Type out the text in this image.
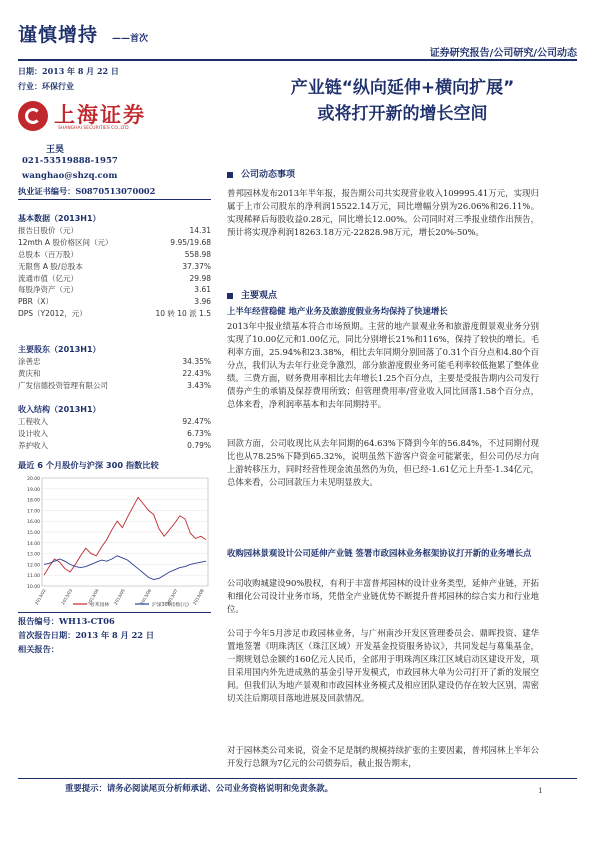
谨慎增持 ——首次
证券研究报告/公司研究/公司动态
日期：2013 年 8 月 22 日
行业：环保行业
上海证券
SHANGHAI SECURITIES CO.,LTD.
产业链“纵向延伸+横向扩展”
或将打开新的增长空间
王昊
021-53519888-1957
wanghao@shzq.com
执业证书编号：S0870513070002
基本数据（2013H1）
报告日股价（元）	14.31
12mth A 股价格区间（元）	9.95/19.68
总股本（百万股）	558.98
无限售 A 股/总股本	37.37%
流通市值（亿元）	29.98
每股净资产（元）	3.61
PBR（X）	3.96
DPS（Y2012，元）	10 转 10 派 1.5
主要股东（2013H1）
涂善忠	34.35%
黄庆和	22.43%
广发信德投资管理有限公司	3.43%
收入结构（2013H1）
工程收入	92.47%
设计收入	6.73%
养护收入	0.79%
最近 6 个月股价与沪深 300 指数比较
20.00
19.00
18.00
17.00
16.00
15.00
14.00
13.00
12.00
11.00
10.00
2013/02	2013/03	2013/04	2013/05	2013/06	2013/07	2013/08
普邦园林	沪深300指数(元)
报告编号：WH13-CT06
首次报告日期：2013 年 8 月 22 日
相关报告：
公司动态事项
普邦园林发布2013年半年报，报告期公司共实现营业收入109995.41万元，实现归属于上市公司股东的净利润15522.14万元，同比增幅分别为26.06%和26.11%。实现稀释后每股收益0.28元，同比增长12.00%。公司同时对三季报业绩作出预告，预计将实现净利润18263.18万元-22828.98万元，增长20%-50%。
主要观点
上半年经营稳健 地产业务及旅游度假业务均保持了快速增长
2013年中报业绩基本符合市场预期。主营的地产景观业务和旅游度假景观业务分别实现了10.00亿元和1.00亿元，同比分别增长21%和116%，保持了较快的增长。毛利率方面，25.94%和23.38%，相比去年同期分别回落了0.31个百分点和4.80个百分点，我们认为去年行业竞争激烈，部分旅游度假业务可能毛利率较低拖累了整体业绩。三费方面，财务费用率相比去年增长1.25个百分点，主要是受报告期内公司发行债券产生的承销及保荐费用所致；但管理费用率/营业收入同比回落1.58个百分点，总体来看，净利润率基本和去年同期持平。
回款方面，公司收现比从去年同期的64.63%下降到今年的56.84%，不过同期付现比也从78.25%下降到65.32%，说明虽然下游客户资金可能紧张，但公司仍尽力向上游转移压力，同时经营性现金流虽然仍为负，但已经-1.61亿元上升至-1.34亿元，总体来看，公司回款压力未见明显放大。
收购园林景观设计公司延伸产业链 签署市政园林业务框架协议打开新的业务增长点
公司收购城建设90%股权，有利于丰富普邦园林的设计业务类型，延伸产业链，开拓和细化公司设计业务市场，凭借全产业链优势不断提升普邦园林的综合实力和行业地位。
公司于今年5月涉足市政园林业务，与广州南沙开发区管理委员会、鼎晖投资、建华置地签署《明珠湾区（珠江区域）开发基金投资服务协议》，共同发起与募集基金，一期规划总金额约160亿元人民币，全部用于明珠湾区珠江区域启动区建设开发，项目采用国内外先进成熟的基金引导开发模式，市政园林大单为公司打开了新的发展空间。但我们认为地产景观和市政园林业务模式及相应团队建设仍存在较大区别，需密切关注后期项目落地进展及回款情况。
对于园林类公司来说，资金不足是制约规模持续扩张的主要因素，普邦园林上半年公开发行总额为7亿元的公司债券后，截止报告期末，
重要提示：请务必阅读尾页分析师承诺、公司业务资格说明和免责条款。	1
